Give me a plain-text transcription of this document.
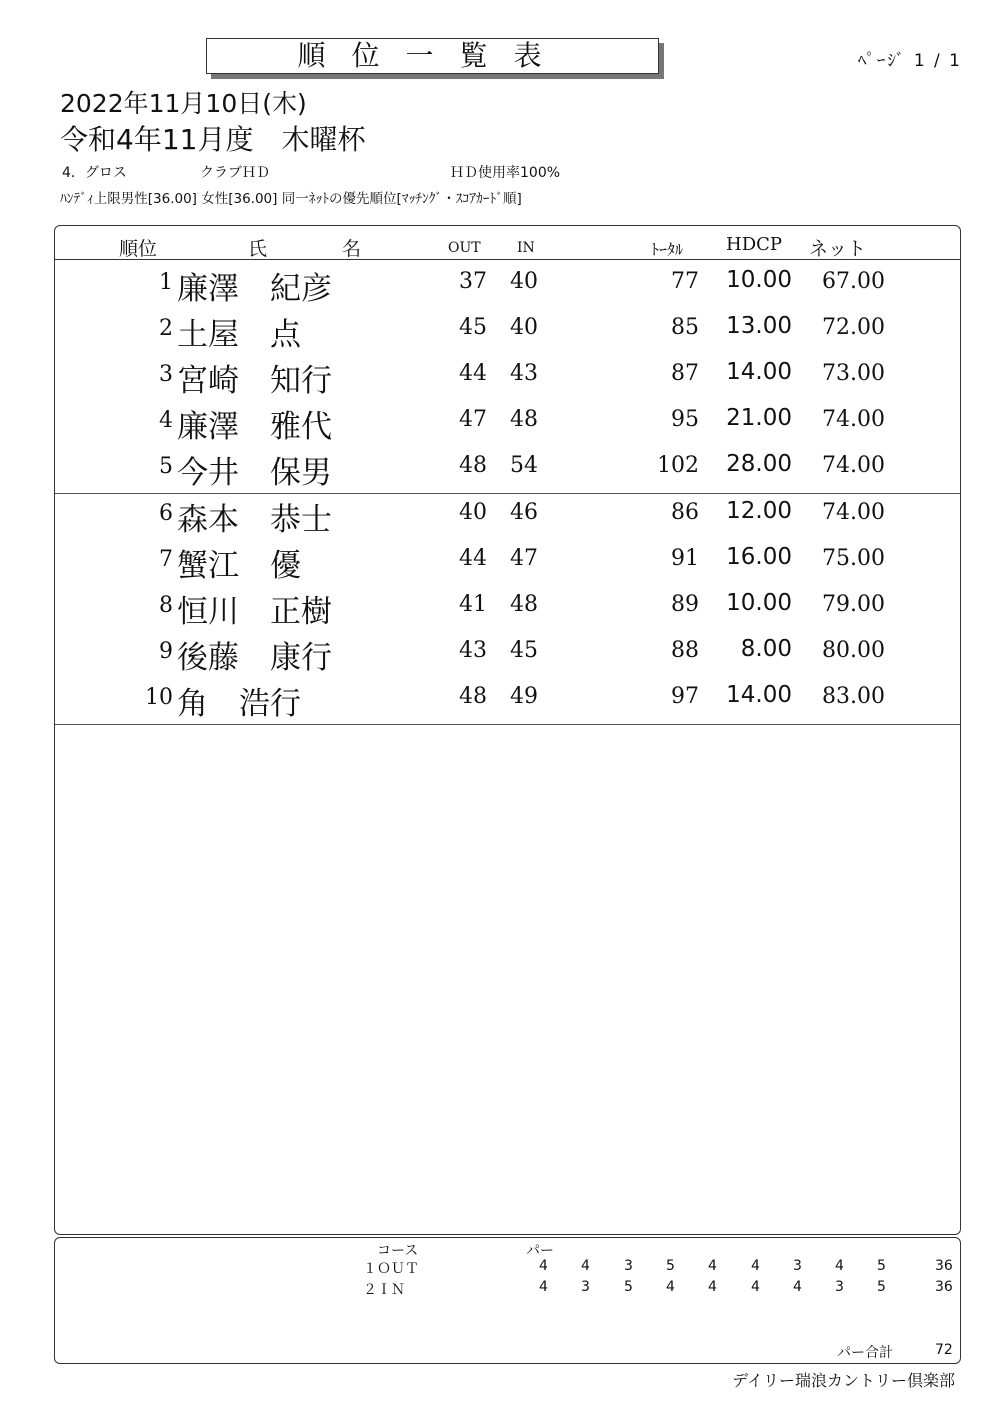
順位一覧表	ﾍﾟｰｼﾞ 1 / 1
2022年11月10日(木)
令和4年11月度　木曜杯
4．グロス	クラブＨＤ	ＨＤ使用率100%
ﾊﾝﾃﾞｨ上限男性[36.00] 女性[36.00] 同一ﾈｯﾄの優先順位[ﾏｯﾁﾝｸﾞ・ｽｺｱｶｰﾄﾞ順]
順位	氏	名	OUT	IN	ﾄｰﾀﾙ HDCP ネット
1 廉澤　紀彦	37 40	77 10.00 67.00
2 土屋　点	45 40	85 13.00 72.00
3 宮崎　知行	44 43	87 14.00 73.00
4 廉澤　雅代	47 48	95 21.00 74.00
5 今井　保男	48 54	102 28.00 74.00
6 森本　恭士	40 46	86 12.00 74.00
7 蟹江　優	44 47	91 16.00 75.00
8 恒川　正樹	41 48	89 10.00 79.00
9 後藤　康行	43 45	88 8.00 80.00
10 角　浩行	48 49	97 14.00 83.00
コース	パー
１ＯＵＴ	4 4 3 5 4 4 3 4 5	36
２ＩＮ	4 3 5 4 4 4 4 3 5	36
パー合計	72
デイリー瑞浪カントリー倶楽部
